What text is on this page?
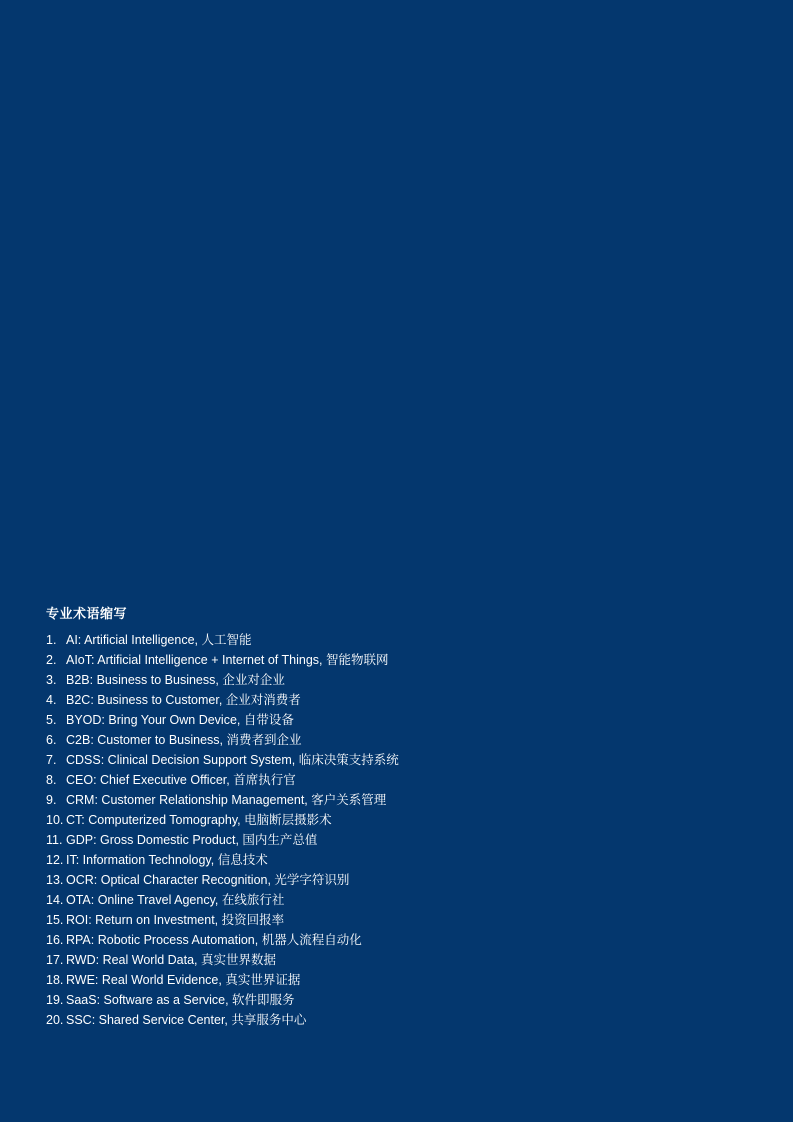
专业术语缩写
1. AI: Artificial Intelligence, 人工智能
2. AIoT: Artificial Intelligence + Internet of Things, 智能物联网
3. B2B: Business to Business, 企业对企业
4. B2C: Business to Customer, 企业对消费者
5. BYOD: Bring Your Own Device, 自带设备
6. C2B: Customer to Business, 消费者到企业
7. CDSS: Clinical Decision Support System, 临床决策支持系统
8. CEO: Chief Executive Officer, 首席执行官
9. CRM: Customer Relationship Management, 客户关系管理
10. CT: Computerized Tomography, 电脑断层摄影术
11. GDP: Gross Domestic Product, 国内生产总值
12. IT: Information Technology, 信息技术
13. OCR: Optical Character Recognition, 光学字符识别
14. OTA: Online Travel Agency, 在线旅行社
15. ROI: Return on Investment, 投资回报率
16. RPA: Robotic Process Automation, 机器人流程自动化
17. RWD: Real World Data, 真实世界数据
18. RWE: Real World Evidence, 真实世界证据
19. SaaS: Software as a Service, 软件即服务
20. SSC: Shared Service Center, 共享服务中心
